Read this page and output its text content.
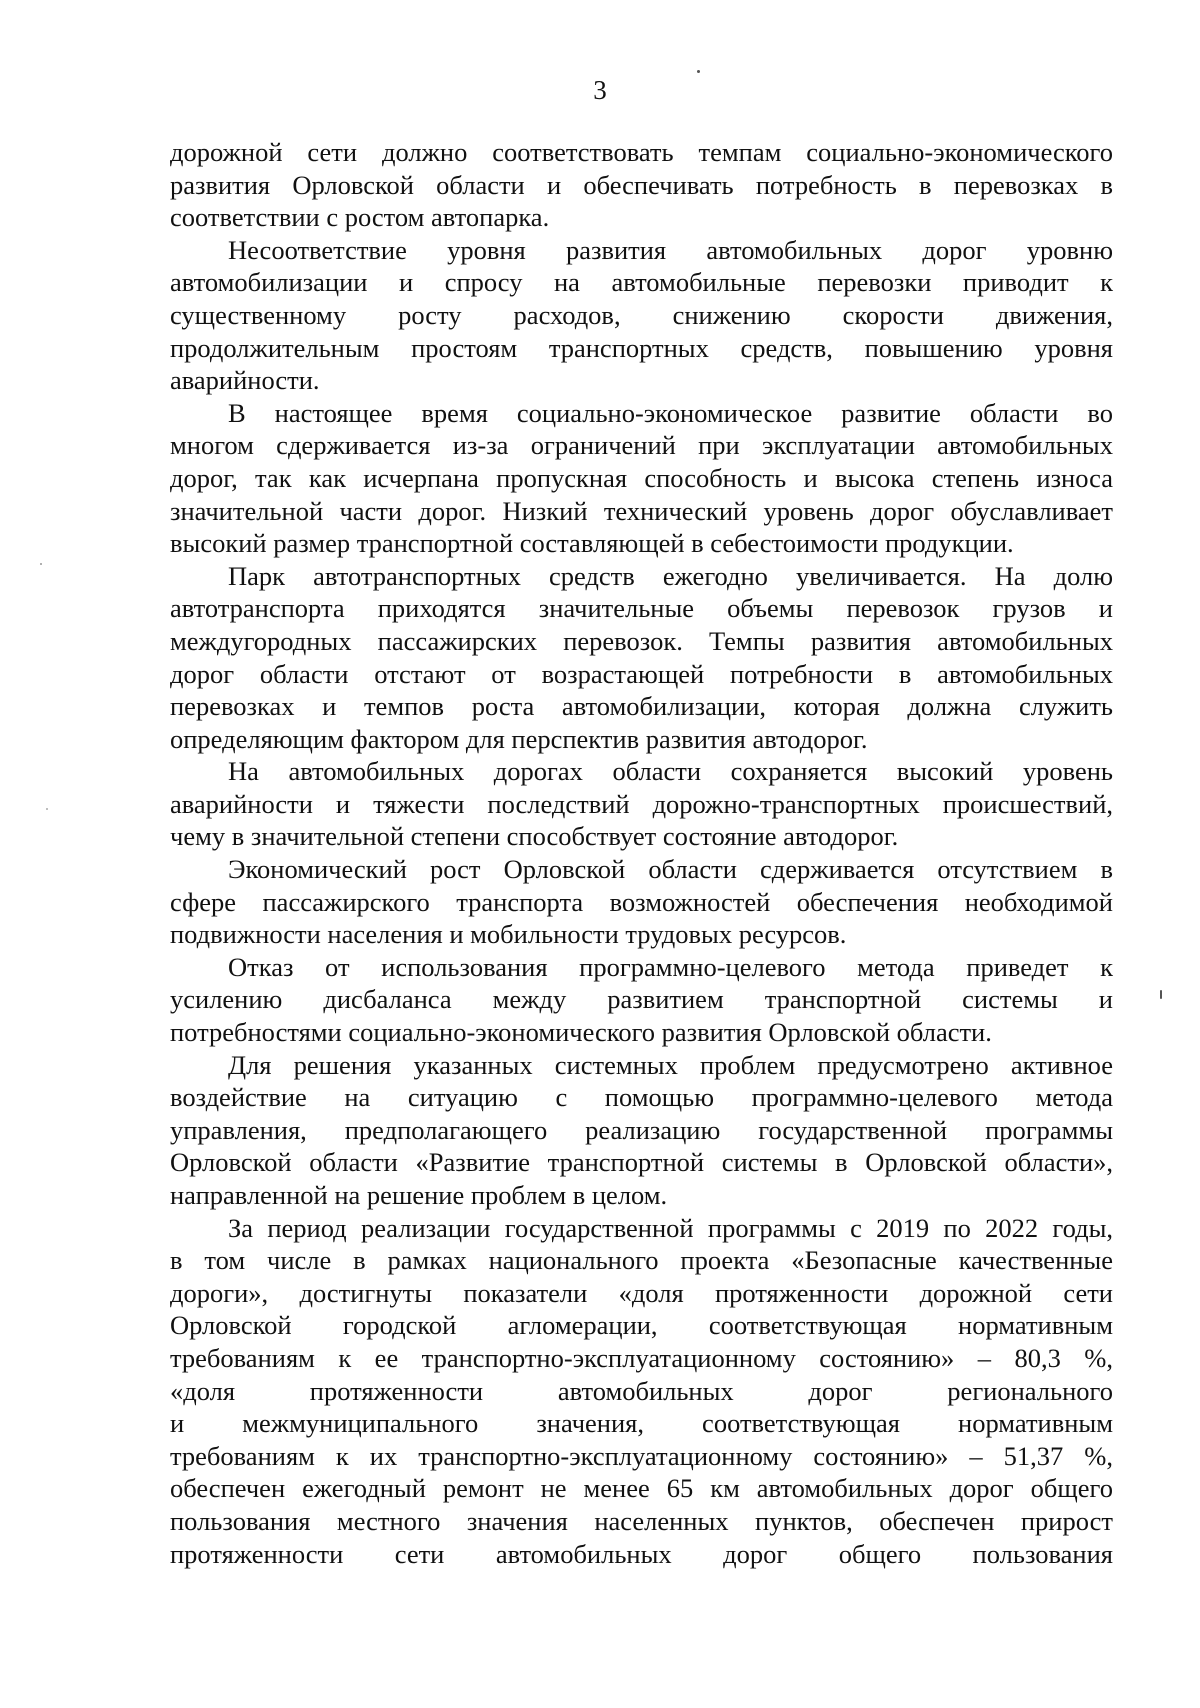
3

дорожной сети должно соответствовать темпам социально-экономического
развития Орловской области и обеспечивать потребность в перевозках в
соответствии с ростом автопарка.

Несоответствие уровня развития автомобильных дорог уровню
автомобилизации и спросу на автомобильные перевозки приводит к
существенному росту расходов, снижению скорости движения,
продолжительным простоям транспортных средств, повышению уровня
аварийности.

В настоящее время социально-экономическое развитие области во
многом сдерживается из-за ограничений при эксплуатации автомобильных
дорог, так как исчерпана пропускная способность и высока степень износа
значительной части дорог. Низкий технический уровень дорог обуславливает
высокий размер транспортной составляющей в себестоимости продукции.

Парк автотранспортных средств ежегодно увеличивается. На долю
автотранспорта приходятся значительные объемы перевозок грузов и
междугородных пассажирских перевозок. Темпы развития автомобильных
дорог области отстают от возрастающей потребности в автомобильных
перевозках и темпов роста автомобилизации, которая должна служить
определяющим фактором для перспектив развития автодорог.

На автомобильных дорогах области сохраняется высокий уровень
аварийности и тяжести последствий дорожно-транспортных происшествий,
чему в значительной степени способствует состояние автодорог.

Экономический рост Орловской области сдерживается отсутствием в
сфере пассажирского транспорта возможностей обеспечения необходимой
подвижности населения и мобильности трудовых ресурсов.

Отказ от использования программно-целевого метода приведет к
усилению дисбаланса между развитием транспортной системы и
потребностями социально-экономического развития Орловской области.

Для решения указанных системных проблем предусмотрено активное
воздействие на ситуацию с помощью программно-целевого метода
управления, предполагающего реализацию государственной программы
Орловской области «Развитие транспортной системы в Орловской области»,
направленной на решение проблем в целом.

За период реализации государственной программы с 2019 по 2022 годы,
в том числе в рамках национального проекта «Безопасные качественные
дороги», достигнуты показатели «доля протяженности дорожной сети
Орловской городской агломерации, соответствующая нормативным
требованиям к ее транспортно-эксплуатационному состоянию» – 80,3 %,
«доля протяженности автомобильных дорог регионального
и межмуниципального значения, соответствующая нормативным
требованиям к их транспортно-эксплуатационному состоянию» – 51,37 %,
обеспечен ежегодный ремонт не менее 65 км автомобильных дорог общего
пользования местного значения населенных пунктов, обеспечен прирост
протяженности сети автомобильных дорог общего пользования
